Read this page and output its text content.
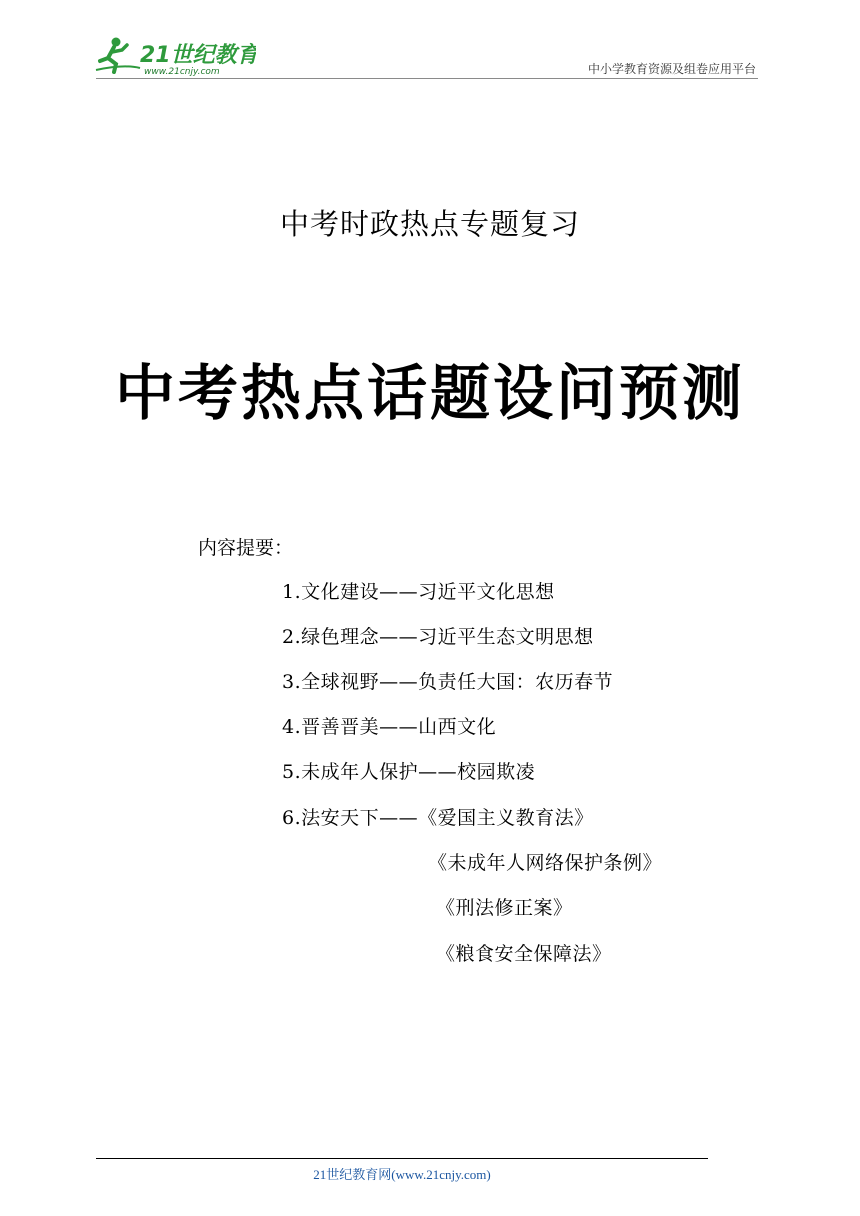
21世纪教育
www.21cnjy.com	中小学教育资源及组卷应用平台
中考时政热点专题复习
中考热点话题设问预测
内容提要：
1.文化建设——习近平文化思想
2.绿色理念——习近平生态文明思想
3.全球视野——负责任大国：农历春节
4.晋善晋美——山西文化
5.未成年人保护——校园欺凌
6.法安天下——《爱国主义教育法》
《未成年人网络保护条例》
《刑法修正案》
《粮食安全保障法》
21世纪教育网(www.21cnjy.com)
